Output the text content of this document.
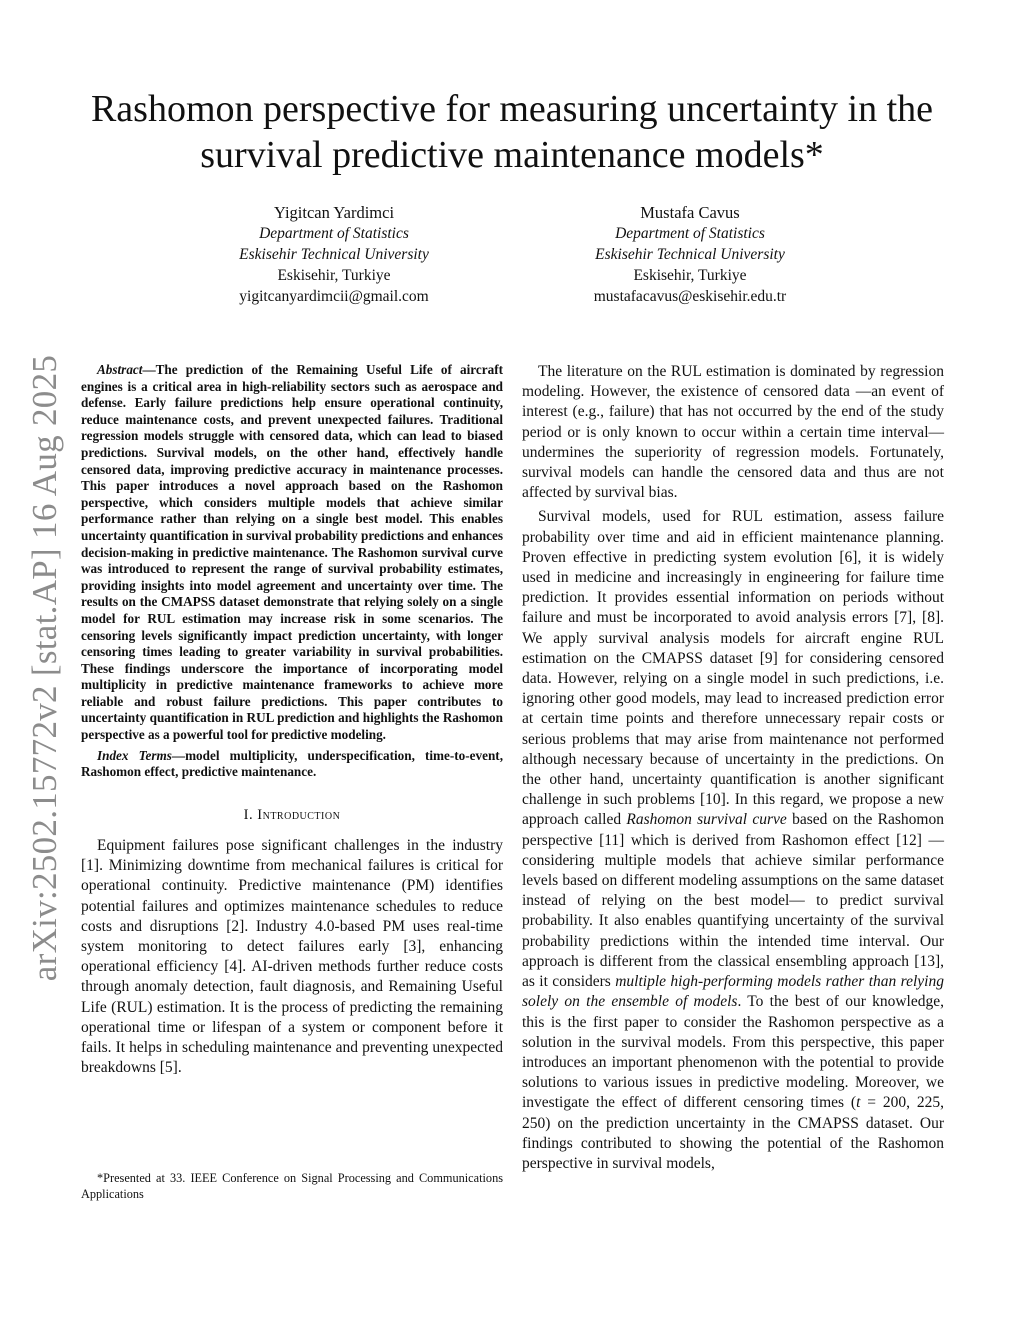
arXiv:2502.15772v2 [stat.AP] 16 Aug 2025
Rashomon perspective for measuring uncertainty in the survival predictive maintenance models*
Yigitcan Yardimci
Department of Statistics
Eskisehir Technical University
Eskisehir, Turkiye
yigitcanyardimcii@gmail.com
Mustafa Cavus
Department of Statistics
Eskisehir Technical University
Eskisehir, Turkiye
mustafacavus@eskisehir.edu.tr

Abstract—The prediction of the Remaining Useful Life of aircraft engines is a critical area in high-reliability sectors such as aerospace and defense. Early failure predictions help ensure operational continuity, reduce maintenance costs, and prevent unexpected failures. Traditional regression models struggle with censored data, which can lead to biased predictions. Survival models, on the other hand, effectively handle censored data, improving predictive accuracy in maintenance processes. This paper introduces a novel approach based on the Rashomon perspective, which considers multiple models that achieve similar performance rather than relying on a single best model. This enables uncertainty quantification in survival probability predictions and enhances decision-making in predictive maintenance. The Rashomon survival curve was introduced to represent the range of survival probability estimates, providing insights into model agreement and uncertainty over time. The results on the CMAPSS dataset demonstrate that relying solely on a single model for RUL estimation may increase risk in some scenarios. The censoring levels significantly impact prediction uncertainty, with longer censoring times leading to greater variability in survival probabilities. These findings underscore the importance of incorporating model multiplicity in predictive maintenance frameworks to achieve more reliable and robust failure predictions. This paper contributes to uncertainty quantification in RUL prediction and highlights the Rashomon perspective as a powerful tool for predictive modeling.

Index Terms—model multiplicity, underspecification, time-to-event, Rashomon effect, predictive maintenance.

I. Introduction

Equipment failures pose significant challenges in the industry [1]. Minimizing downtime from mechanical failures is critical for operational continuity. Predictive maintenance (PM) identifies potential failures and optimizes maintenance schedules to reduce costs and disruptions [2]. Industry 4.0-based PM uses real-time system monitoring to detect failures early [3], enhancing operational efficiency [4]. AI-driven methods further reduce costs through anomaly detection, fault diagnosis, and Remaining Useful Life (RUL) estimation. It is the process of predicting the remaining operational time or lifespan of a system or component before it fails. It helps in scheduling maintenance and preventing unexpected breakdowns [5].

*Presented at 33. IEEE Conference on Signal Processing and Communications Applications

The literature on the RUL estimation is dominated by regression modeling. However, the existence of censored data —an event of interest (e.g., failure) that has not occurred by the end of the study period or is only known to occur within a certain time interval— undermines the superiority of regression models. Fortunately, survival models can handle the censored data and thus are not affected by survival bias.

Survival models, used for RUL estimation, assess failure probability over time and aid in efficient maintenance planning. Proven effective in predicting system evolution [6], it is widely used in medicine and increasingly in engineering for failure time prediction. It provides essential information on periods without failure and must be incorporated to avoid analysis errors [7], [8]. We apply survival analysis models for aircraft engine RUL estimation on the CMAPSS dataset [9] for considering censored data. However, relying on a single model in such predictions, i.e. ignoring other good models, may lead to increased prediction error at certain time points and therefore unnecessary repair costs or serious problems that may arise from maintenance not performed although necessary because of uncertainty in the predictions. On the other hand, uncertainty quantification is another significant challenge in such problems [10]. In this regard, we propose a new approach called Rashomon survival curve based on the Rashomon perspective [11] which is derived from Rashomon effect [12] —considering multiple models that achieve similar performance levels based on different modeling assumptions on the same dataset instead of relying on the best model— to predict survival probability. It also enables quantifying uncertainty of the survival probability predictions within the intended time interval. Our approach is different from the classical ensembling approach [13], as it considers multiple high-performing models rather than relying solely on the ensemble of models. To the best of our knowledge, this is the first paper to consider the Rashomon perspective as a solution in the survival models. From this perspective, this paper introduces an important phenomenon with the potential to provide solutions to various issues in predictive modeling. Moreover, we investigate the effect of different censoring times (t = 200, 225, 250) on the prediction uncertainty in the CMAPSS dataset. Our findings contributed to showing the potential of the Rashomon perspective in survival models,
